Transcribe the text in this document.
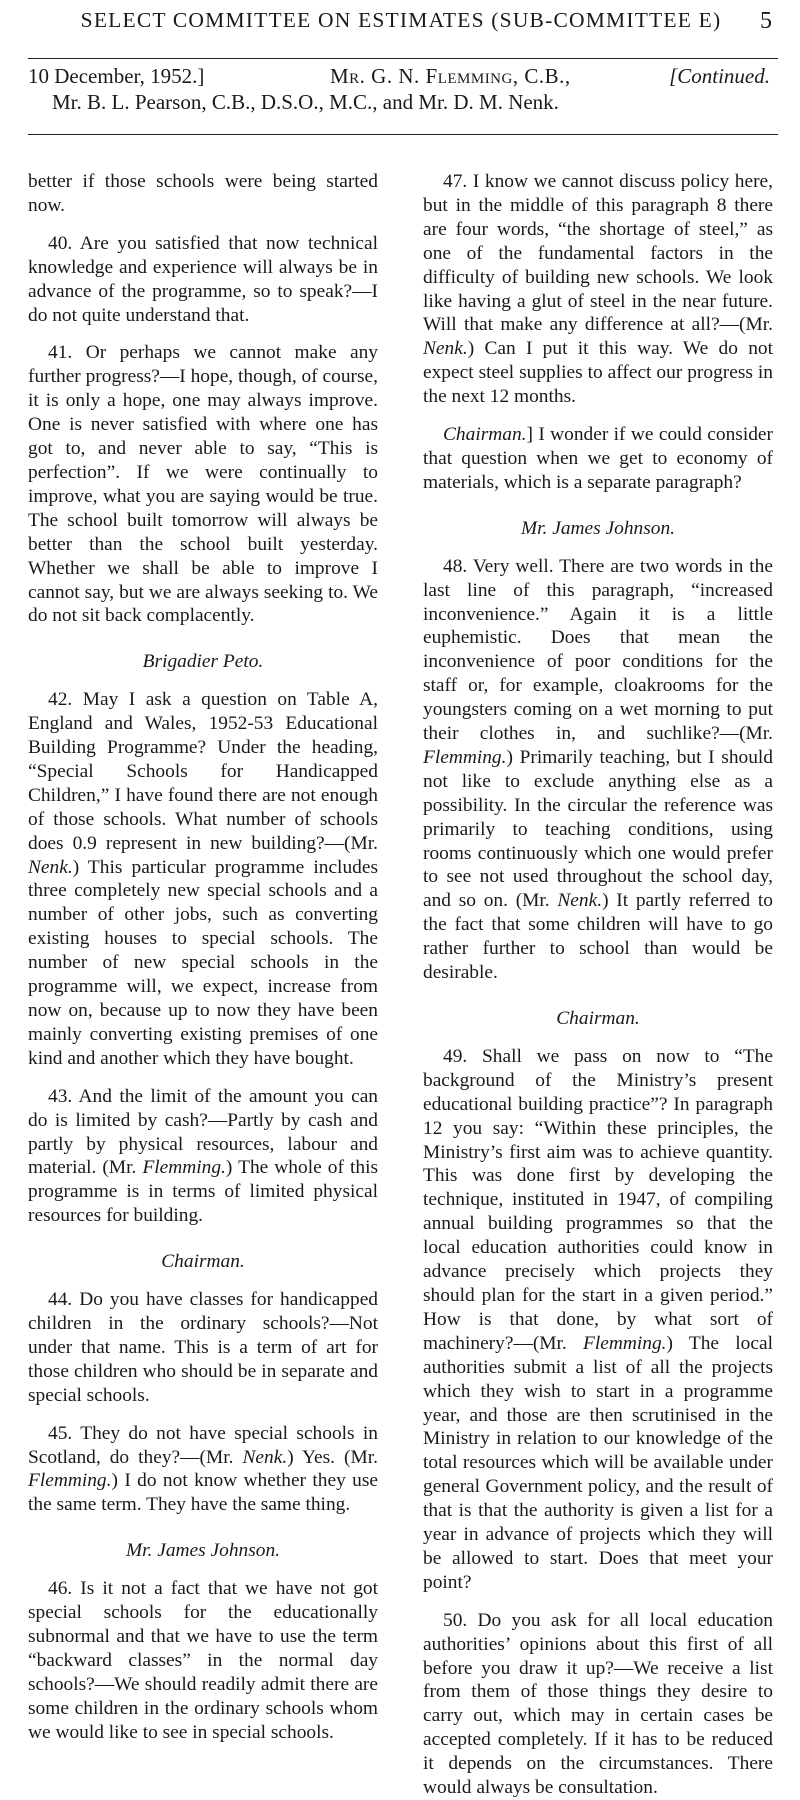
SELECT COMMITTEE ON ESTIMATES (SUB-COMMITTEE E)	5
10 December, 1952.]	Mr. G. N. Flemming, C.B.,	[Continued.
Mr. B. L. Pearson, C.B., D.S.O., M.C., and Mr. D. M. Nenk.

better if those schools were being started now.

40. Are you satisfied that now technical knowledge and experience will always be in advance of the programme, so to speak?—I do not quite understand that.

41. Or perhaps we cannot make any further progress?—I hope, though, of course, it is only a hope, one may always improve. One is never satisfied with where one has got to, and never able to say, “This is perfection”. If we were continually to improve, what you are saying would be true. The school built tomorrow will always be better than the school built yesterday. Whether we shall be able to improve I cannot say, but we are always seeking to. We do not sit back complacently.

Brigadier Peto.

42. May I ask a question on Table A, England and Wales, 1952-53 Educational Building Programme? Under the heading, “Special Schools for Handicapped Children,” I have found there are not enough of those schools. What number of schools does 0.9 represent in new building?—(Mr. Nenk.) This particular programme includes three completely new special schools and a number of other jobs, such as converting existing houses to special schools. The number of new special schools in the programme will, we expect, increase from now on, because up to now they have been mainly converting existing premises of one kind and another which they have bought.

43. And the limit of the amount you can do is limited by cash?—Partly by cash and partly by physical resources, labour and material. (Mr. Flemming.) The whole of this programme is in terms of limited physical resources for building.

Chairman.

44. Do you have classes for handicapped children in the ordinary schools?—Not under that name. This is a term of art for those children who should be in separate and special schools.

45. They do not have special schools in Scotland, do they?—(Mr. Nenk.) Yes. (Mr. Flemming.) I do not know whether they use the same term. They have the same thing.

Mr. James Johnson.

46. Is it not a fact that we have not got special schools for the educationally subnormal and that we have to use the term “backward classes” in the normal day schools?—We should readily admit there are some children in the ordinary schools whom we would like to see in special schools.

47. I know we cannot discuss policy here, but in the middle of this paragraph 8 there are four words, “the shortage of steel,” as one of the fundamental factors in the difficulty of building new schools. We look like having a glut of steel in the near future. Will that make any difference at all?—(Mr. Nenk.) Can I put it this way. We do not expect steel supplies to affect our progress in the next 12 months.

Chairman.] I wonder if we could consider that question when we get to economy of materials, which is a separate paragraph?

Mr. James Johnson.

48. Very well. There are two words in the last line of this paragraph, “increased inconvenience.” Again it is a little euphemistic. Does that mean the inconvenience of poor conditions for the staff or, for example, cloakrooms for the youngsters coming on a wet morning to put their clothes in, and suchlike?—(Mr. Flemming.) Primarily teaching, but I should not like to exclude anything else as a possibility. In the circular the reference was primarily to teaching conditions, using rooms continuously which one would prefer to see not used throughout the school day, and so on. (Mr. Nenk.) It partly referred to the fact that some children will have to go rather further to school than would be desirable.

Chairman.

49. Shall we pass on now to “The background of the Ministry’s present educational building practice”? In paragraph 12 you say: “Within these principles, the Ministry’s first aim was to achieve quantity. This was done first by developing the technique, instituted in 1947, of compiling annual building programmes so that the local education authorities could know in advance precisely which projects they should plan for the start in a given period.” How is that done, by what sort of machinery?—(Mr. Flemming.) The local authorities submit a list of all the projects which they wish to start in a programme year, and those are then scrutinised in the Ministry in relation to our knowledge of the total resources which will be available under general Government policy, and the result of that is that the authority is given a list for a year in advance of projects which they will be allowed to start. Does that meet your point?

50. Do you ask for all local education authorities’ opinions about this first of all before you draw it up?—We receive a list from them of those things they desire to carry out, which may in certain cases be accepted completely. If it has to be reduced it depends on the circumstances. There would always be consultation.
